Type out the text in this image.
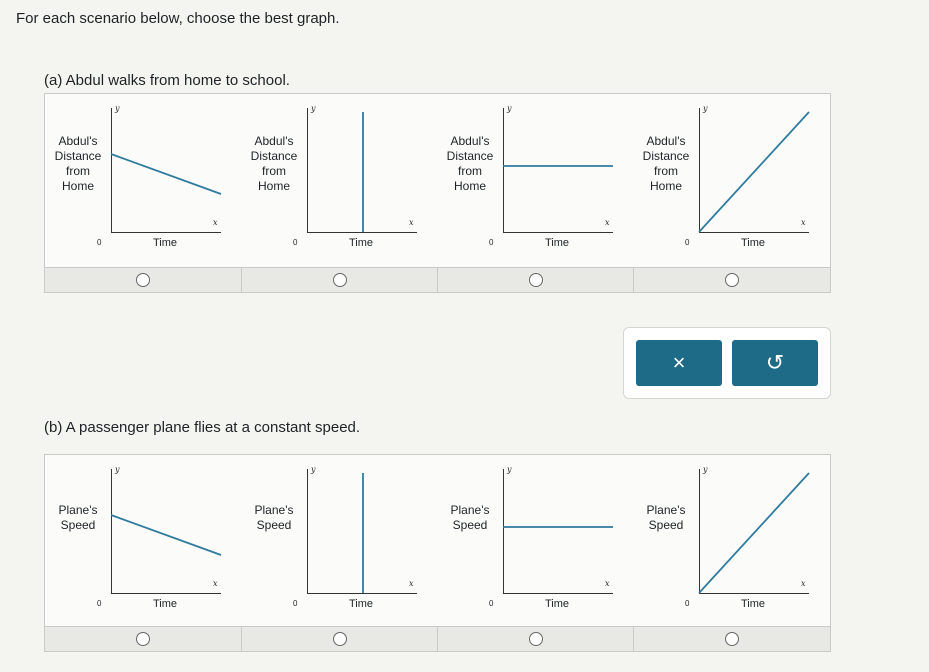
For each scenario below, choose the best graph.
(a) Abdul walks from home to school.
Abdul's
Distance
from
Home
y
x
0	Time
Abdul's
Distance
from
Home
y
x
0	Time
Abdul's
Distance
from
Home
y
x
0	Time
Abdul's
Distance
from
Home
y
x
0	Time
×	↺
(b) A passenger plane flies at a constant speed.
Plane's
Speed
y
x
0	Time
Plane's
Speed
y
x
0	Time
Plane's
Speed
y
x
0	Time
Plane's
Speed
y
x
0	Time
